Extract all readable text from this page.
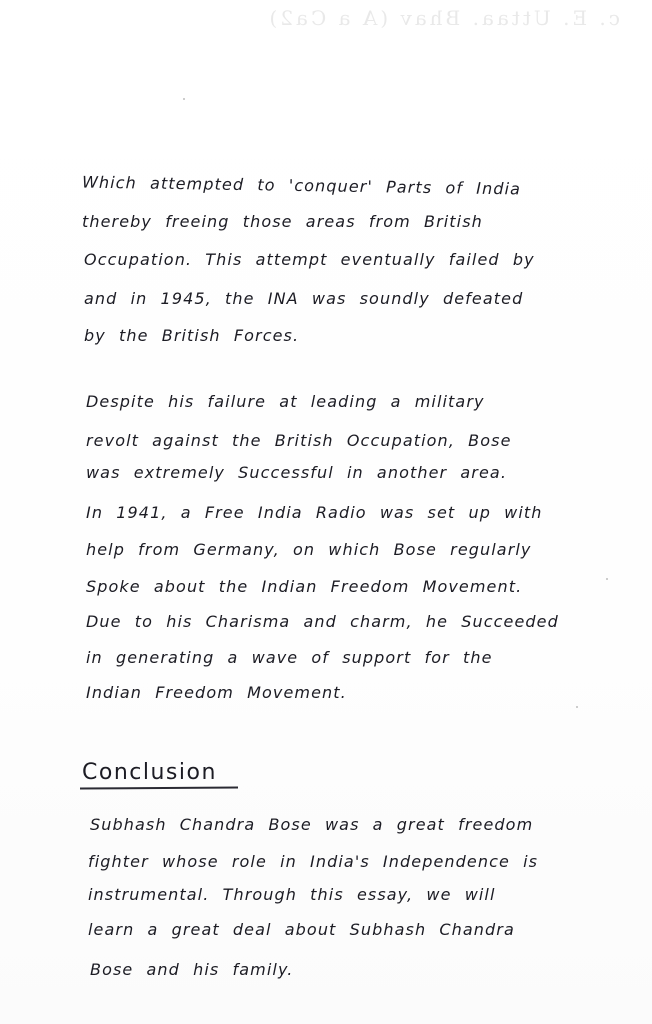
c. E. Uttaa. Bhav (A a Ca2)

Which attempted to 'conquer' Parts of India

thereby freeing those areas from British

Occupation. This attempt eventually failed by

and in 1945, the INA was soundly defeated

by the British Forces.

Despite his failure at leading a military

revolt against the British Occupation, Bose

was extremely Successful in another area.

In 1941, a Free India Radio was set up with

help from Germany, on which Bose regularly

Spoke about the Indian Freedom Movement.

Due to his Charisma and charm, he Succeeded

in generating a wave of support for the

Indian Freedom Movement.

Conclusion

Subhash Chandra Bose was a great freedom

fighter whose role in India's Independence is

instrumental. Through this essay, we will

learn a great deal about Subhash Chandra

Bose and his family.
